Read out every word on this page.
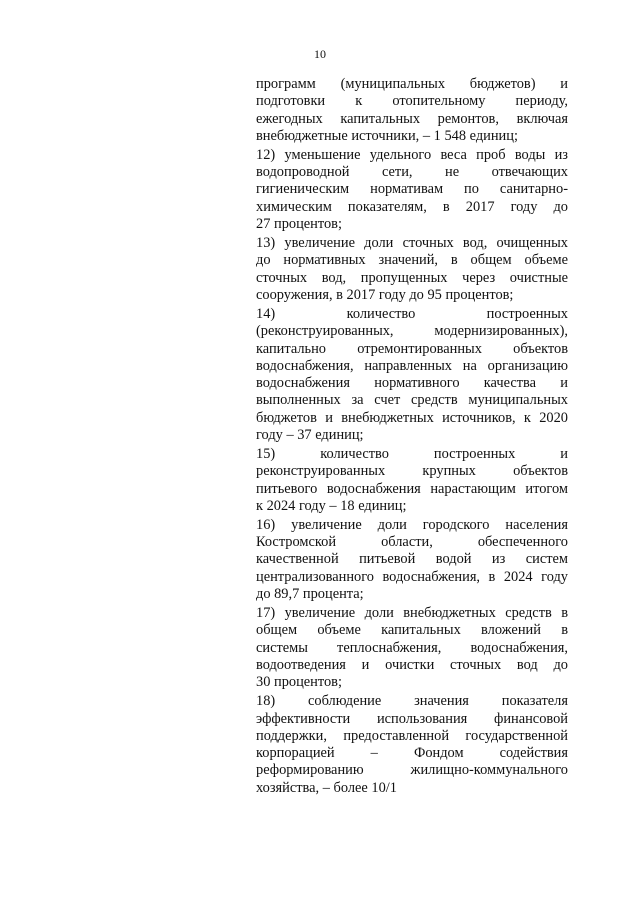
10
программ (муниципальных бюджетов) и
подготовки к отопительному периоду,
ежегодных капитальных ремонтов, включая
внебюджетные источники, – 1 548 единиц;
12) уменьшение удельного веса проб воды из
водопроводной сети, не отвечающих
гигиеническим нормативам по санитарно-
химическим показателям, в 2017 году до
27 процентов;
13) увеличение доли сточных вод, очищенных
до нормативных значений, в общем объеме
сточных вод, пропущенных через очистные
сооружения, в 2017 году до 95 процентов;
14) количество построенных
(реконструированных, модернизированных),
капитально отремонтированных объектов
водоснабжения, направленных на организацию
водоснабжения нормативного качества и
выполненных за счет средств муниципальных
бюджетов и внебюджетных источников, к 2020
году – 37 единиц;
15) количество построенных и
реконструированных крупных объектов
питьевого водоснабжения нарастающим итогом
к 2024 году – 18 единиц;
16) увеличение доли городского населения
Костромской области, обеспеченного
качественной питьевой водой из систем
централизованного водоснабжения, в 2024 году
до 89,7 процента;
17) увеличение доли внебюджетных средств в
общем объеме капитальных вложений в
системы теплоснабжения, водоснабжения,
водоотведения и очистки сточных вод до
30 процентов;
18) соблюдение значения показателя
эффективности использования финансовой
поддержки, предоставленной государственной
корпорацией – Фондом содействия
реформированию жилищно-коммунального
хозяйства, – более 10/1
